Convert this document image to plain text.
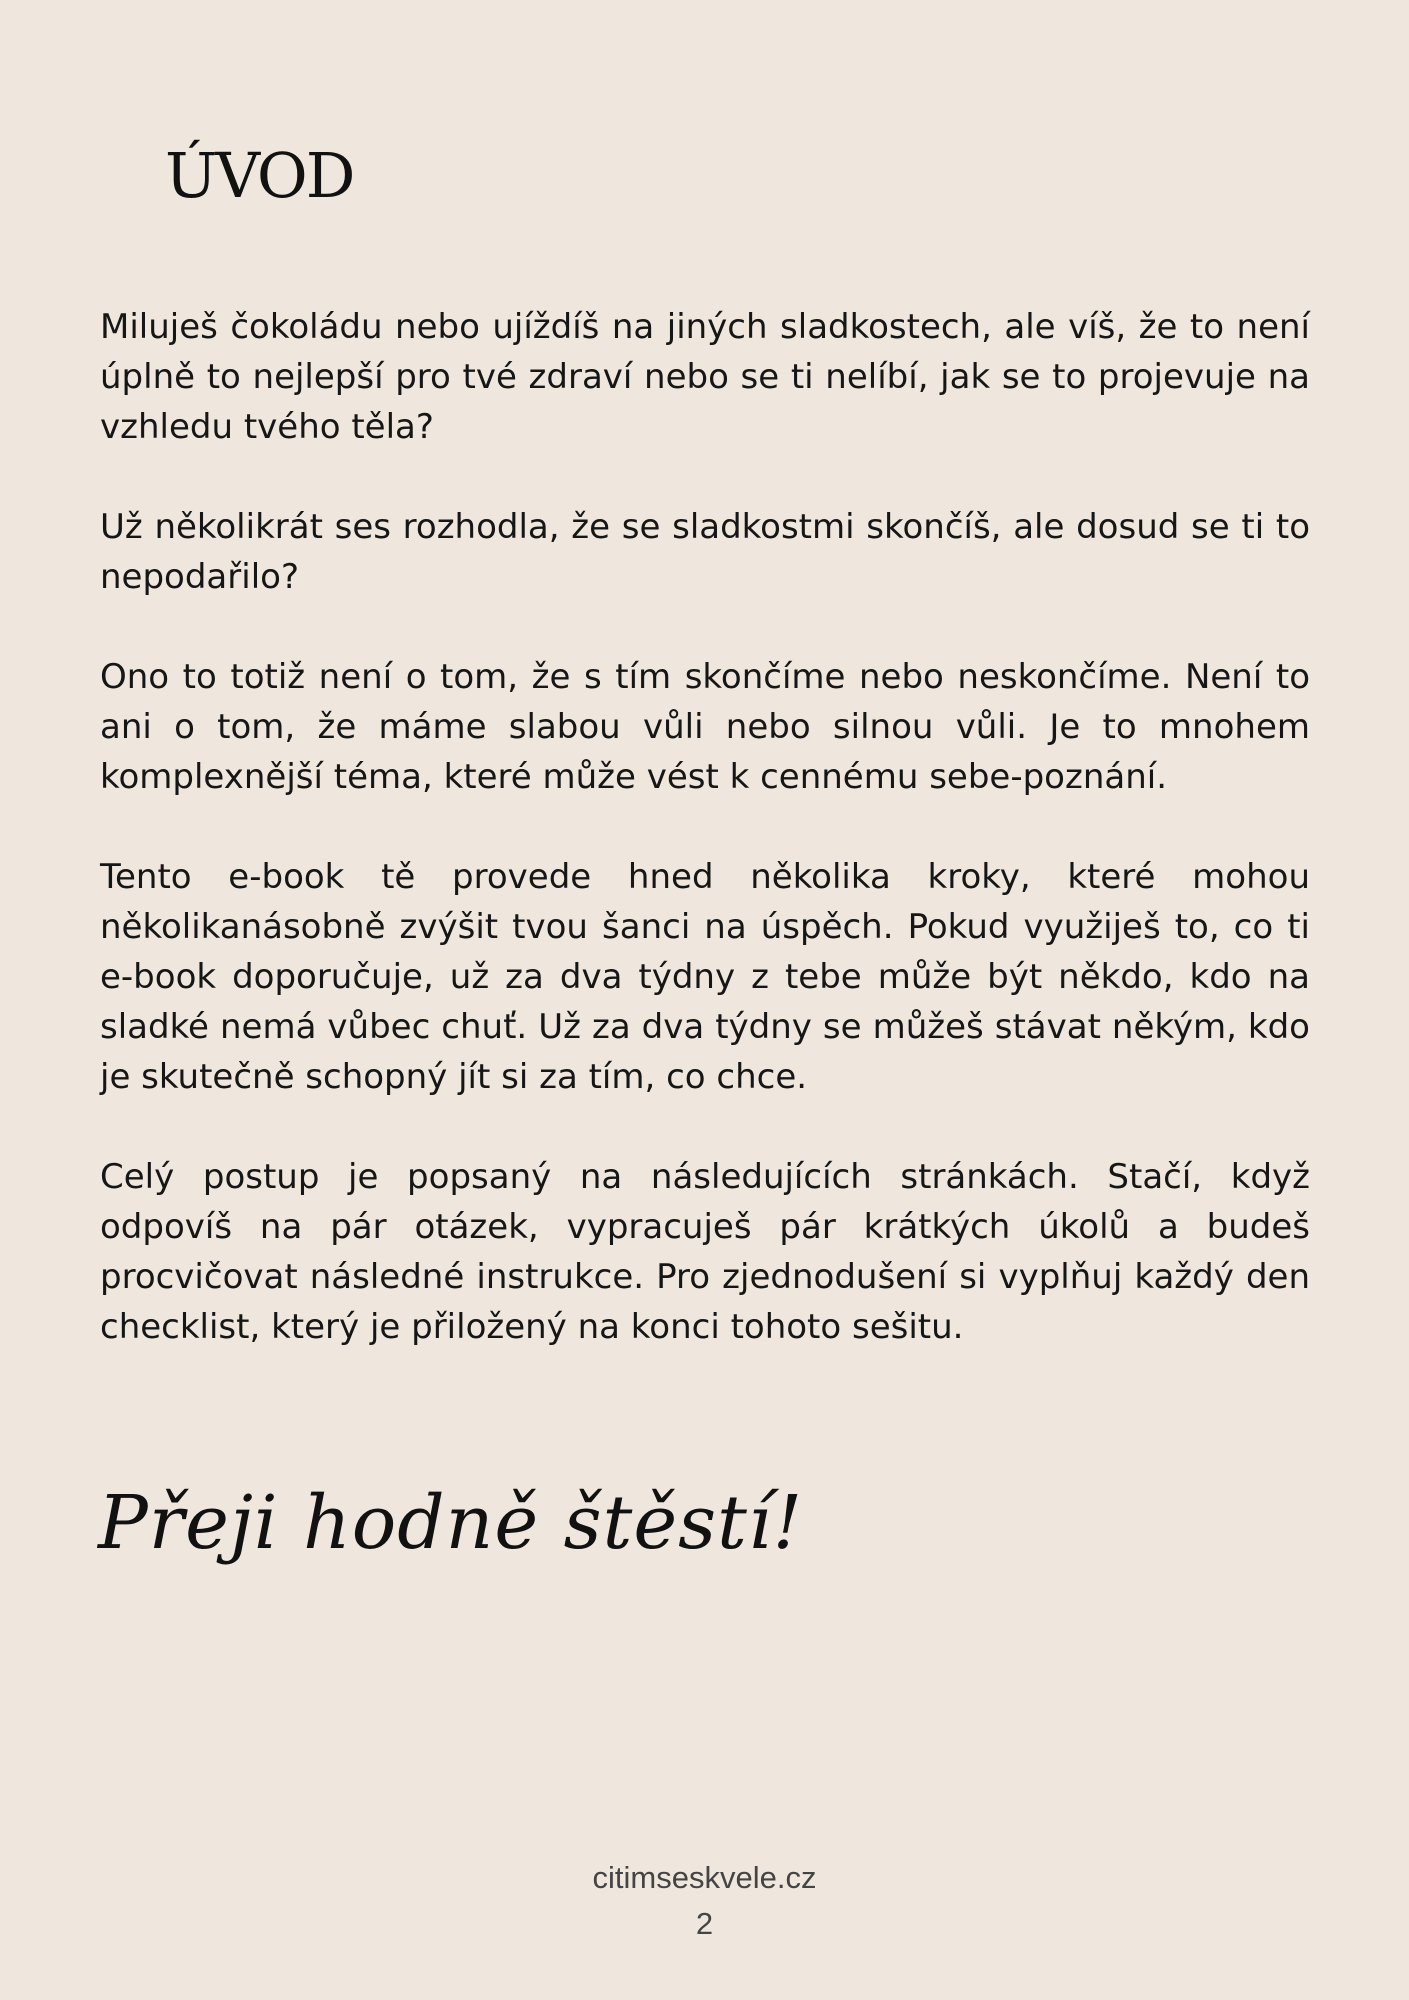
ÚVOD

Miluješ čokoládu nebo ujíždíš na jiných sladkostech, ale víš, že to není úplně to nejlepší pro tvé zdraví nebo se ti nelíbí, jak se to projevuje na vzhledu tvého těla?

Už několikrát ses rozhodla, že se sladkostmi skončíš, ale dosud se ti to nepodařilo?

Ono to totiž není o tom, že s tím skončíme nebo neskončíme. Není to ani o tom, že máme slabou vůli nebo silnou vůli. Je to mnohem komplexnější téma, které může vést k cennému sebe-poznání.

Tento e-book tě provede hned několika kroky, které mohou několikanásobně zvýšit tvou šanci na úspěch. Pokud využiješ to, co ti e-book doporučuje, už za dva týdny z tebe může být někdo, kdo na sladké nemá vůbec chuť. Už za dva týdny se můžeš stávat někým, kdo je skutečně schopný jít si za tím, co chce.

Celý postup je popsaný na následujících stránkách. Stačí, když odpovíš na pár otázek, vypracuješ pár krátkých úkolů a budeš procvičovat následné instrukce. Pro zjednodušení si vyplňuj každý den checklist, který je přiložený na konci tohoto sešitu.

Přeji hodně štěstí!
citimseskvele.cz
2
